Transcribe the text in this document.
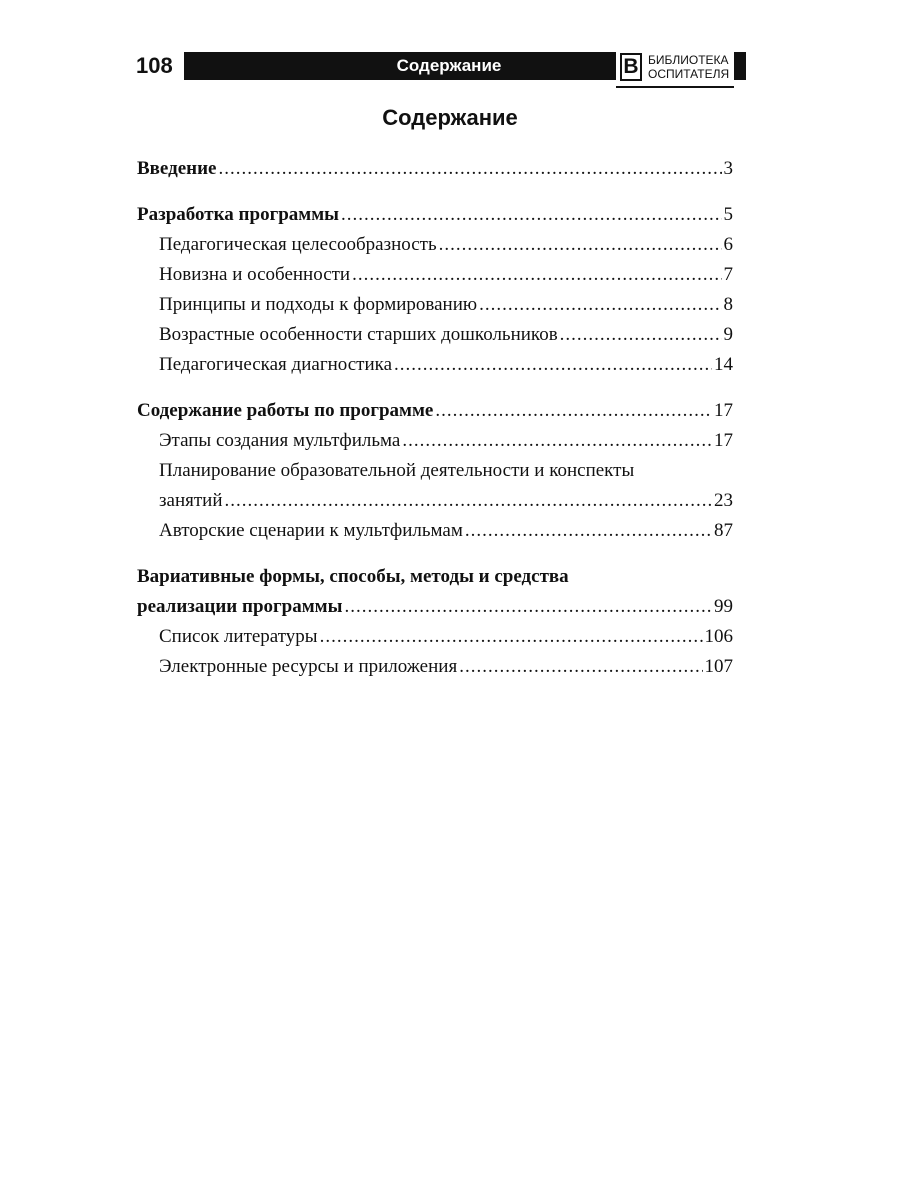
108	Содержание	В БИБЛИОТЕКА
ОСПИТАТЕЛЯ
Содержание
Введение .....	3
Разработка программы .....	5
Педагогическая целесообразность .....	6
Новизна и особенности .....	7
Принципы и подходы к формированию .....	8
Возрастные особенности старших дошкольников .....	9
Педагогическая диагностика .....	14
Содержание работы по программе .....	17
Этапы создания мультфильма .....	17
Планирование образовательной деятельности и конспекты
занятий .....	23
Авторские сценарии к мультфильмам .....	87
Вариативные формы, способы, методы и средства
реализации программы .....	99
Список литературы .....	106
Электронные ресурсы и приложения .....	107
